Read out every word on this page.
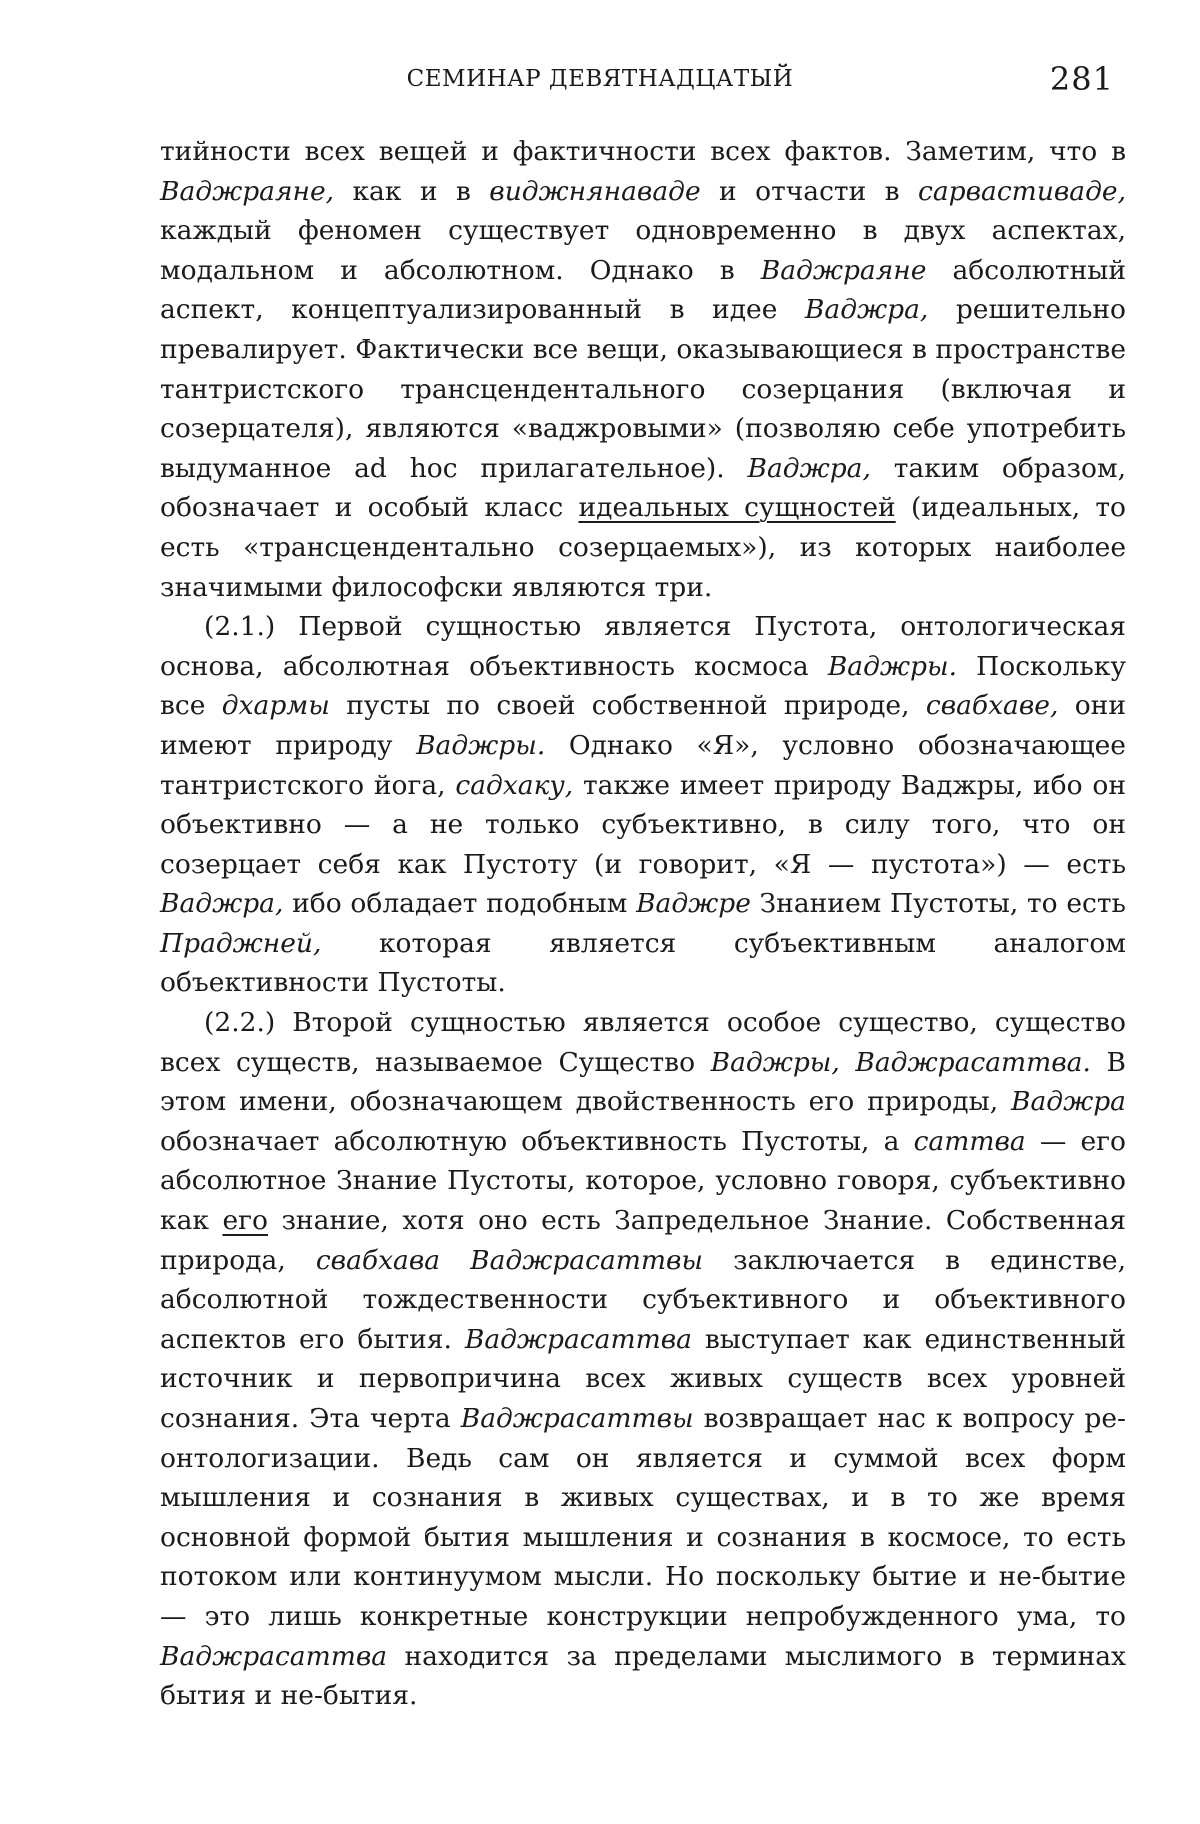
СЕМИНАР ДЕВЯТНАДЦАТЫЙ	281

тийности всех вещей и фактичности всех фактов. Заметим, что в Ваджраяне, как и в виджнянаваде и отчасти в сарвастиваде, каждый феномен существует одновременно в двух аспектах, модальном и абсолютном. Однако в Ваджраяне абсолютный аспект, концептуализированный в идее Ваджра, решительно превалирует. Фактически все вещи, оказывающиеся в пространстве тантристского трансцендентального созерцания (включая и созерцателя), являются «ваджровыми» (позволяю себе употребить выдуманное ad hoc прилагательное). Ваджра, таким образом, обозначает и особый класс идеальных сущностей (идеальных, то есть «трансцендентально созерцаемых»), из которых наиболее значимыми философски являются три.

(2.1.) Первой сущностью является Пустота, онтологическая основа, абсолютная объективность космоса Ваджры. Поскольку все дхармы пусты по своей собственной природе, свабхаве, они имеют природу Ваджры. Однако «Я», условно обозначающее тантристского йога, садхаку, также имеет природу Ваджры, ибо он объективно — а не только субъективно, в силу того, что он созерцает себя как Пустоту (и говорит, «Я — пустота») — есть Ваджра, ибо обладает подобным Ваджре Знанием Пустоты, то есть Праджней, которая является субъективным аналогом объективности Пустоты.

(2.2.) Второй сущностью является особое существо, существо всех существ, называемое Существо Ваджры, Ваджрасаттва. В этом имени, обозначающем двойственность его природы, Ваджра обозначает абсолютную объективность Пустоты, а саттва — его абсолютное Знание Пустоты, которое, условно говоря, субъективно как его знание, хотя оно есть Запредельное Знание. Собственная природа, свабхава Ваджрасаттвы заключается в единстве, абсолютной тождественности субъективного и объективного аспектов его бытия. Ваджрасаттва выступает как единственный источник и первопричина всех живых существ всех уровней сознания. Эта черта Ваджрасаттвы возвращает нас к вопросу ре-онтологизации. Ведь сам он является и суммой всех форм мышления и сознания в живых существах, и в то же время основной формой бытия мышления и сознания в космосе, то есть потоком или континуумом мысли. Но поскольку бытие и не-бытие — это лишь конкретные конструкции непробужденного ума, то Ваджрасаттва находится за пределами мыслимого в терминах бытия и не-бытия.
